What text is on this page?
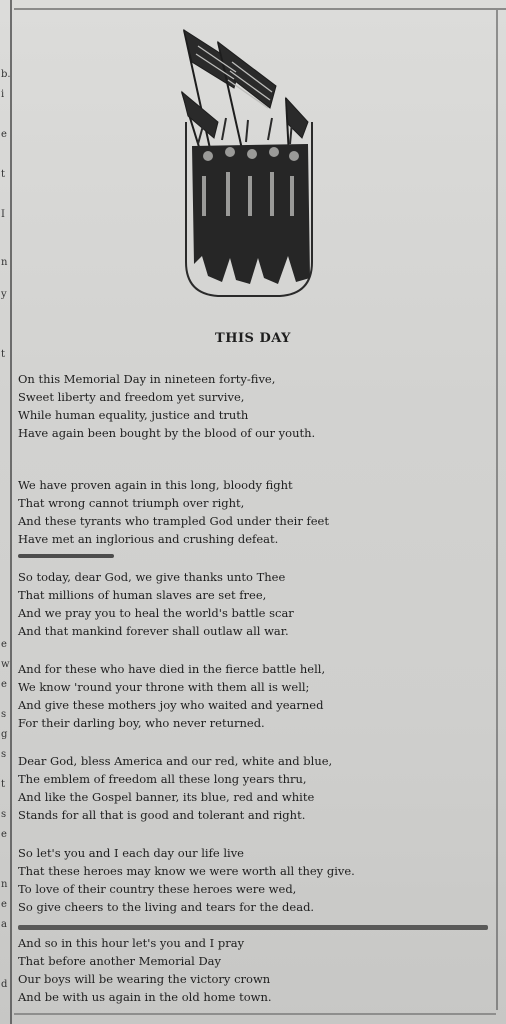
b.
i
e
t
I
n
y
t
e
w
e
s
g
s
t
s
e
n
e
a
d
THIS DAY
On this Memorial Day in nineteen forty-five,
Sweet liberty and freedom yet survive,
While human equality, justice and truth
Have again been bought by the blood of our youth.
We have proven again in this long, bloody fight
That wrong cannot triumph over right,
And these tyrants who trampled God under their feet
Have met an inglorious and crushing defeat.
So today, dear God, we give thanks unto Thee
That millions of human slaves are set free,
And we pray you to heal the world's battle scar
And that mankind forever shall outlaw all war.
And for these who have died in the fierce battle hell,
We know 'round your throne with them all is well;
And give these mothers joy who waited and yearned
For their darling boy, who never returned.
Dear God, bless America and our red, white and blue,
The emblem of freedom all these long years thru,
And like the Gospel banner, its blue, red and white
Stands for all that is good and tolerant and right.
So let's you and I each day our life live
That these heroes may know we were worth all they give.
To love of their country these heroes were wed,
So give cheers to the living and tears for the dead.
And so in this hour let's you and I pray
That before another Memorial Day
Our boys will be wearing the victory crown
And be with us again in the old home town.
